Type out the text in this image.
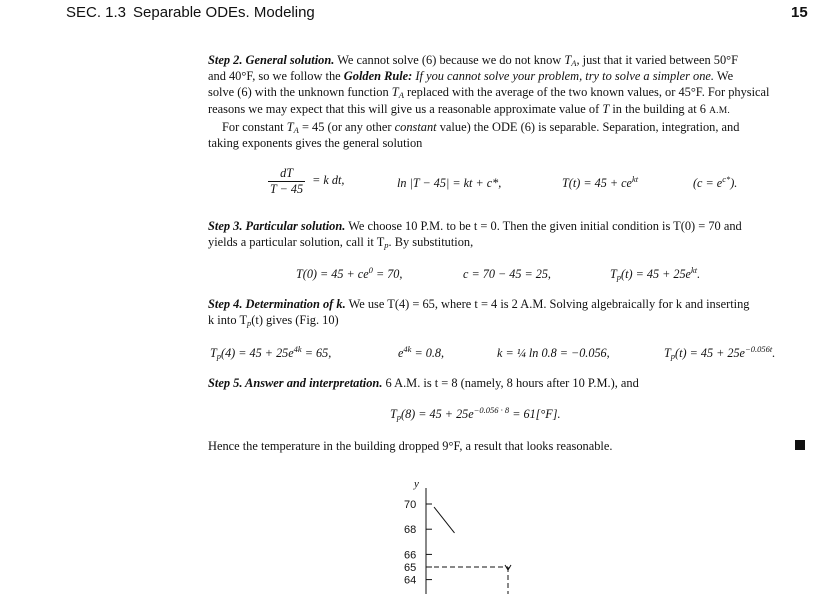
SEC. 1.3 Separable ODEs. Modeling	15
Step 2. General solution. We cannot solve (6) because we do not know $T_A$, just that it varied between 50°F
and 40°F, so we follow the Golden Rule: If you cannot solve your problem, try to solve a simpler one. We
solve (6) with the unknown function $T_A$ replaced with the average of the two known values, or 45°F. For physical
reasons we may expect that this will give us a reasonable approximate value of T in the building at 6 A.M.
For constant $T_A = 45$ (or any other constant value) the ODE (6) is separable. Separation, integration, and
taking exponents gives the general solution
$\frac{dT}{T - 45} = k$ dt,	ln |T − 45| = kt + c*,	$T(t) = 45 + ce^{kt}$	$(c = e^{c*})$.
Step 3. Particular solution. We choose 10 P.M. to be t = 0. Then the given initial condition is T(0) = 70 and
yields a particular solution, call it $T_p$. By substitution,
$T(0) = 45 + ce^0 = 70$,	c = 70 − 45 = 25,	$T_p(t) = 45 + 25e^{kt}$.
Step 4. Determination of k. We use T(4) = 65, where t = 4 is 2 A.M. Solving algebraically for k and inserting
k into $T_p(t)$ gives (Fig. 10)
$T_p(4) = 45 + 25e^{4k} = 65$,	$e^{4k} = 0.8$,	k = ¼ ln 0.8 = −0.056,	$T_p(t) = 45 + 25e^{-0.056t}$.
Step 5. Answer and interpretation. 6 A.M. is t = 8 (namely, 8 hours after 10 P.M.), and
$T_p(8) = 45 + 25e^{-0.056 \cdot 8} = 61[^\circ F]$.
Hence the temperature in the building dropped 9°F, a result that looks reasonable.
y
70
68
66
65
64
